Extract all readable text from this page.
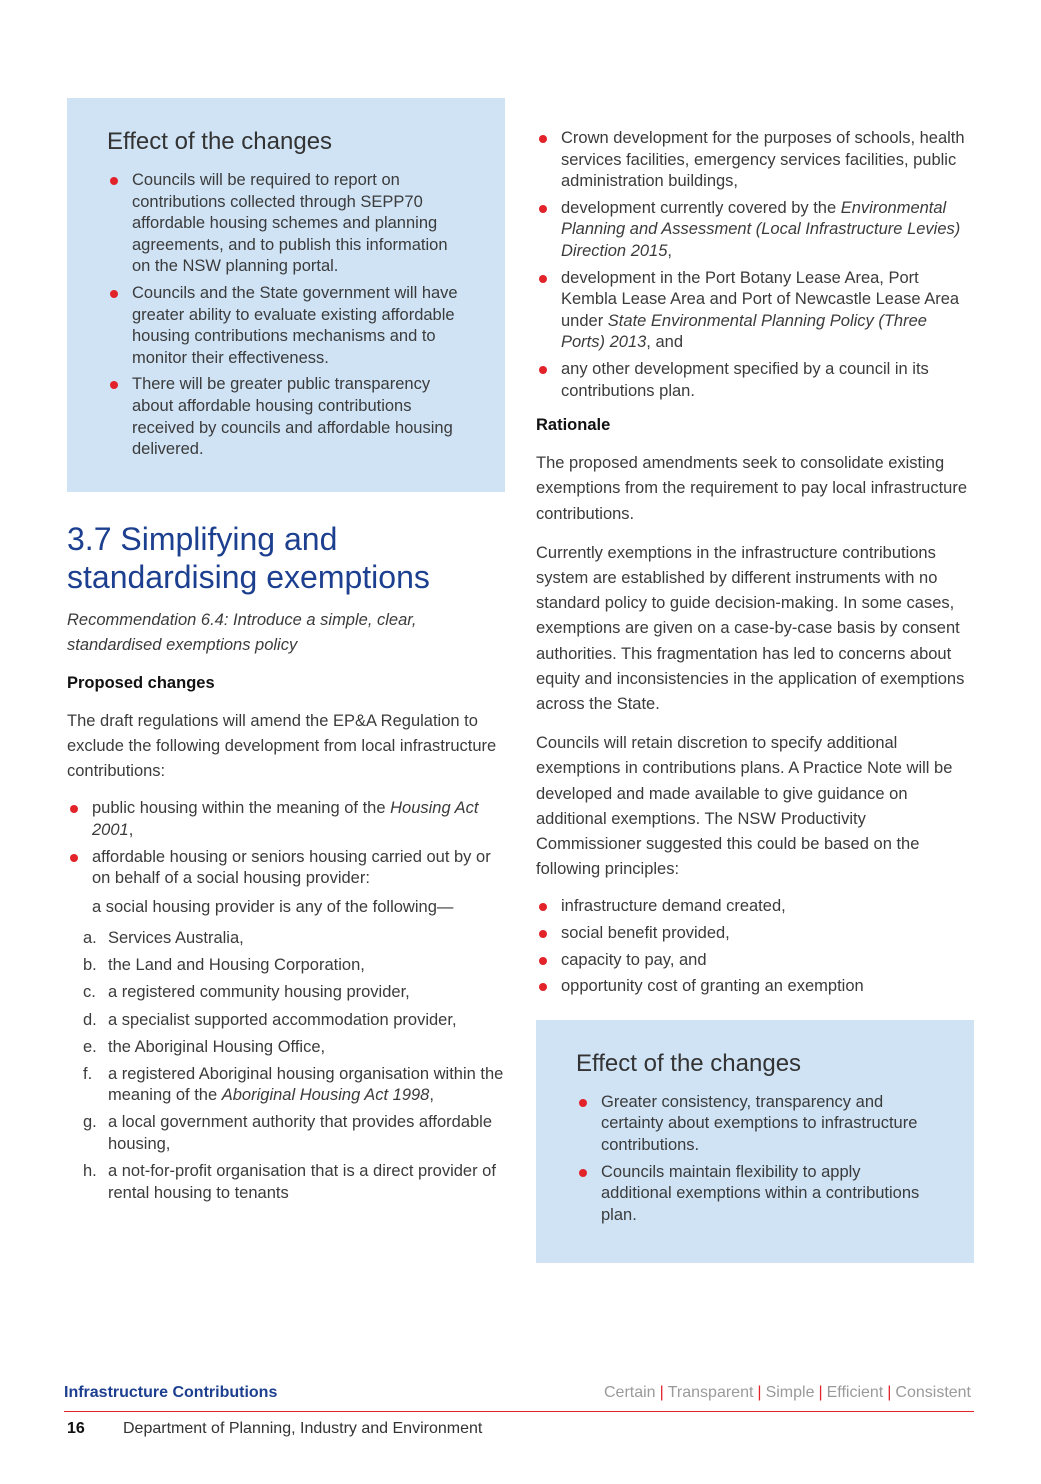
Effect of the changes
Councils will be required to report on contributions collected through SEPP70 affordable housing schemes and planning agreements, and to publish this information on the NSW planning portal.
Councils and the State government will have greater ability to evaluate existing affordable housing contributions mechanisms and to monitor their effectiveness.
There will be greater public transparency about affordable housing contributions received by councils and affordable housing delivered.
3.7 Simplifying and standardising exemptions

Recommendation 6.4: Introduce a simple, clear, standardised exemptions policy

Proposed changes

The draft regulations will amend the EP&A Regulation to exclude the following development from local infrastructure contributions:

public housing within the meaning of the Housing Act 2001,
affordable housing or seniors housing carried out by or on behalf of a social housing provider:

a social housing provider is any of the following—

a. Services Australia,
b. the Land and Housing Corporation,
c. a registered community housing provider,
d. a specialist supported accommodation provider,
e. the Aboriginal Housing Office,
f. a registered Aboriginal housing organisation within the meaning of the Aboriginal Housing Act 1998,
g. a local government authority that provides affordable housing,
h. a not-for-profit organisation that is a direct provider of rental housing to tenants
Crown development for the purposes of schools, health services facilities, emergency services facilities, public administration buildings,
development currently covered by the Environmental Planning and Assessment (Local Infrastructure Levies) Direction 2015,
development in the Port Botany Lease Area, Port Kembla Lease Area and Port of Newcastle Lease Area under State Environmental Planning Policy (Three Ports) 2013, and
any other development specified by a council in its contributions plan.

Rationale

The proposed amendments seek to consolidate existing exemptions from the requirement to pay local infrastructure contributions.

Currently exemptions in the infrastructure contributions system are established by different instruments with no standard policy to guide decision-making. In some cases, exemptions are given on a case-by-case basis by consent authorities. This fragmentation has led to concerns about equity and inconsistencies in the application of exemptions across the State.

Councils will retain discretion to specify additional exemptions in contributions plans. A Practice Note will be developed and made available to give guidance on additional exemptions. The NSW Productivity Commissioner suggested this could be based on the following principles:

infrastructure demand created,
social benefit provided,
capacity to pay, and
opportunity cost of granting an exemption
Effect of the changes
Greater consistency, transparency and certainty about exemptions to infrastructure contributions.
Councils maintain flexibility to apply additional exemptions within a contributions plan.
Infrastructure Contributions	Certain | Transparent | Simple | Efficient | Consistent
16 Department of Planning, Industry and Environment
